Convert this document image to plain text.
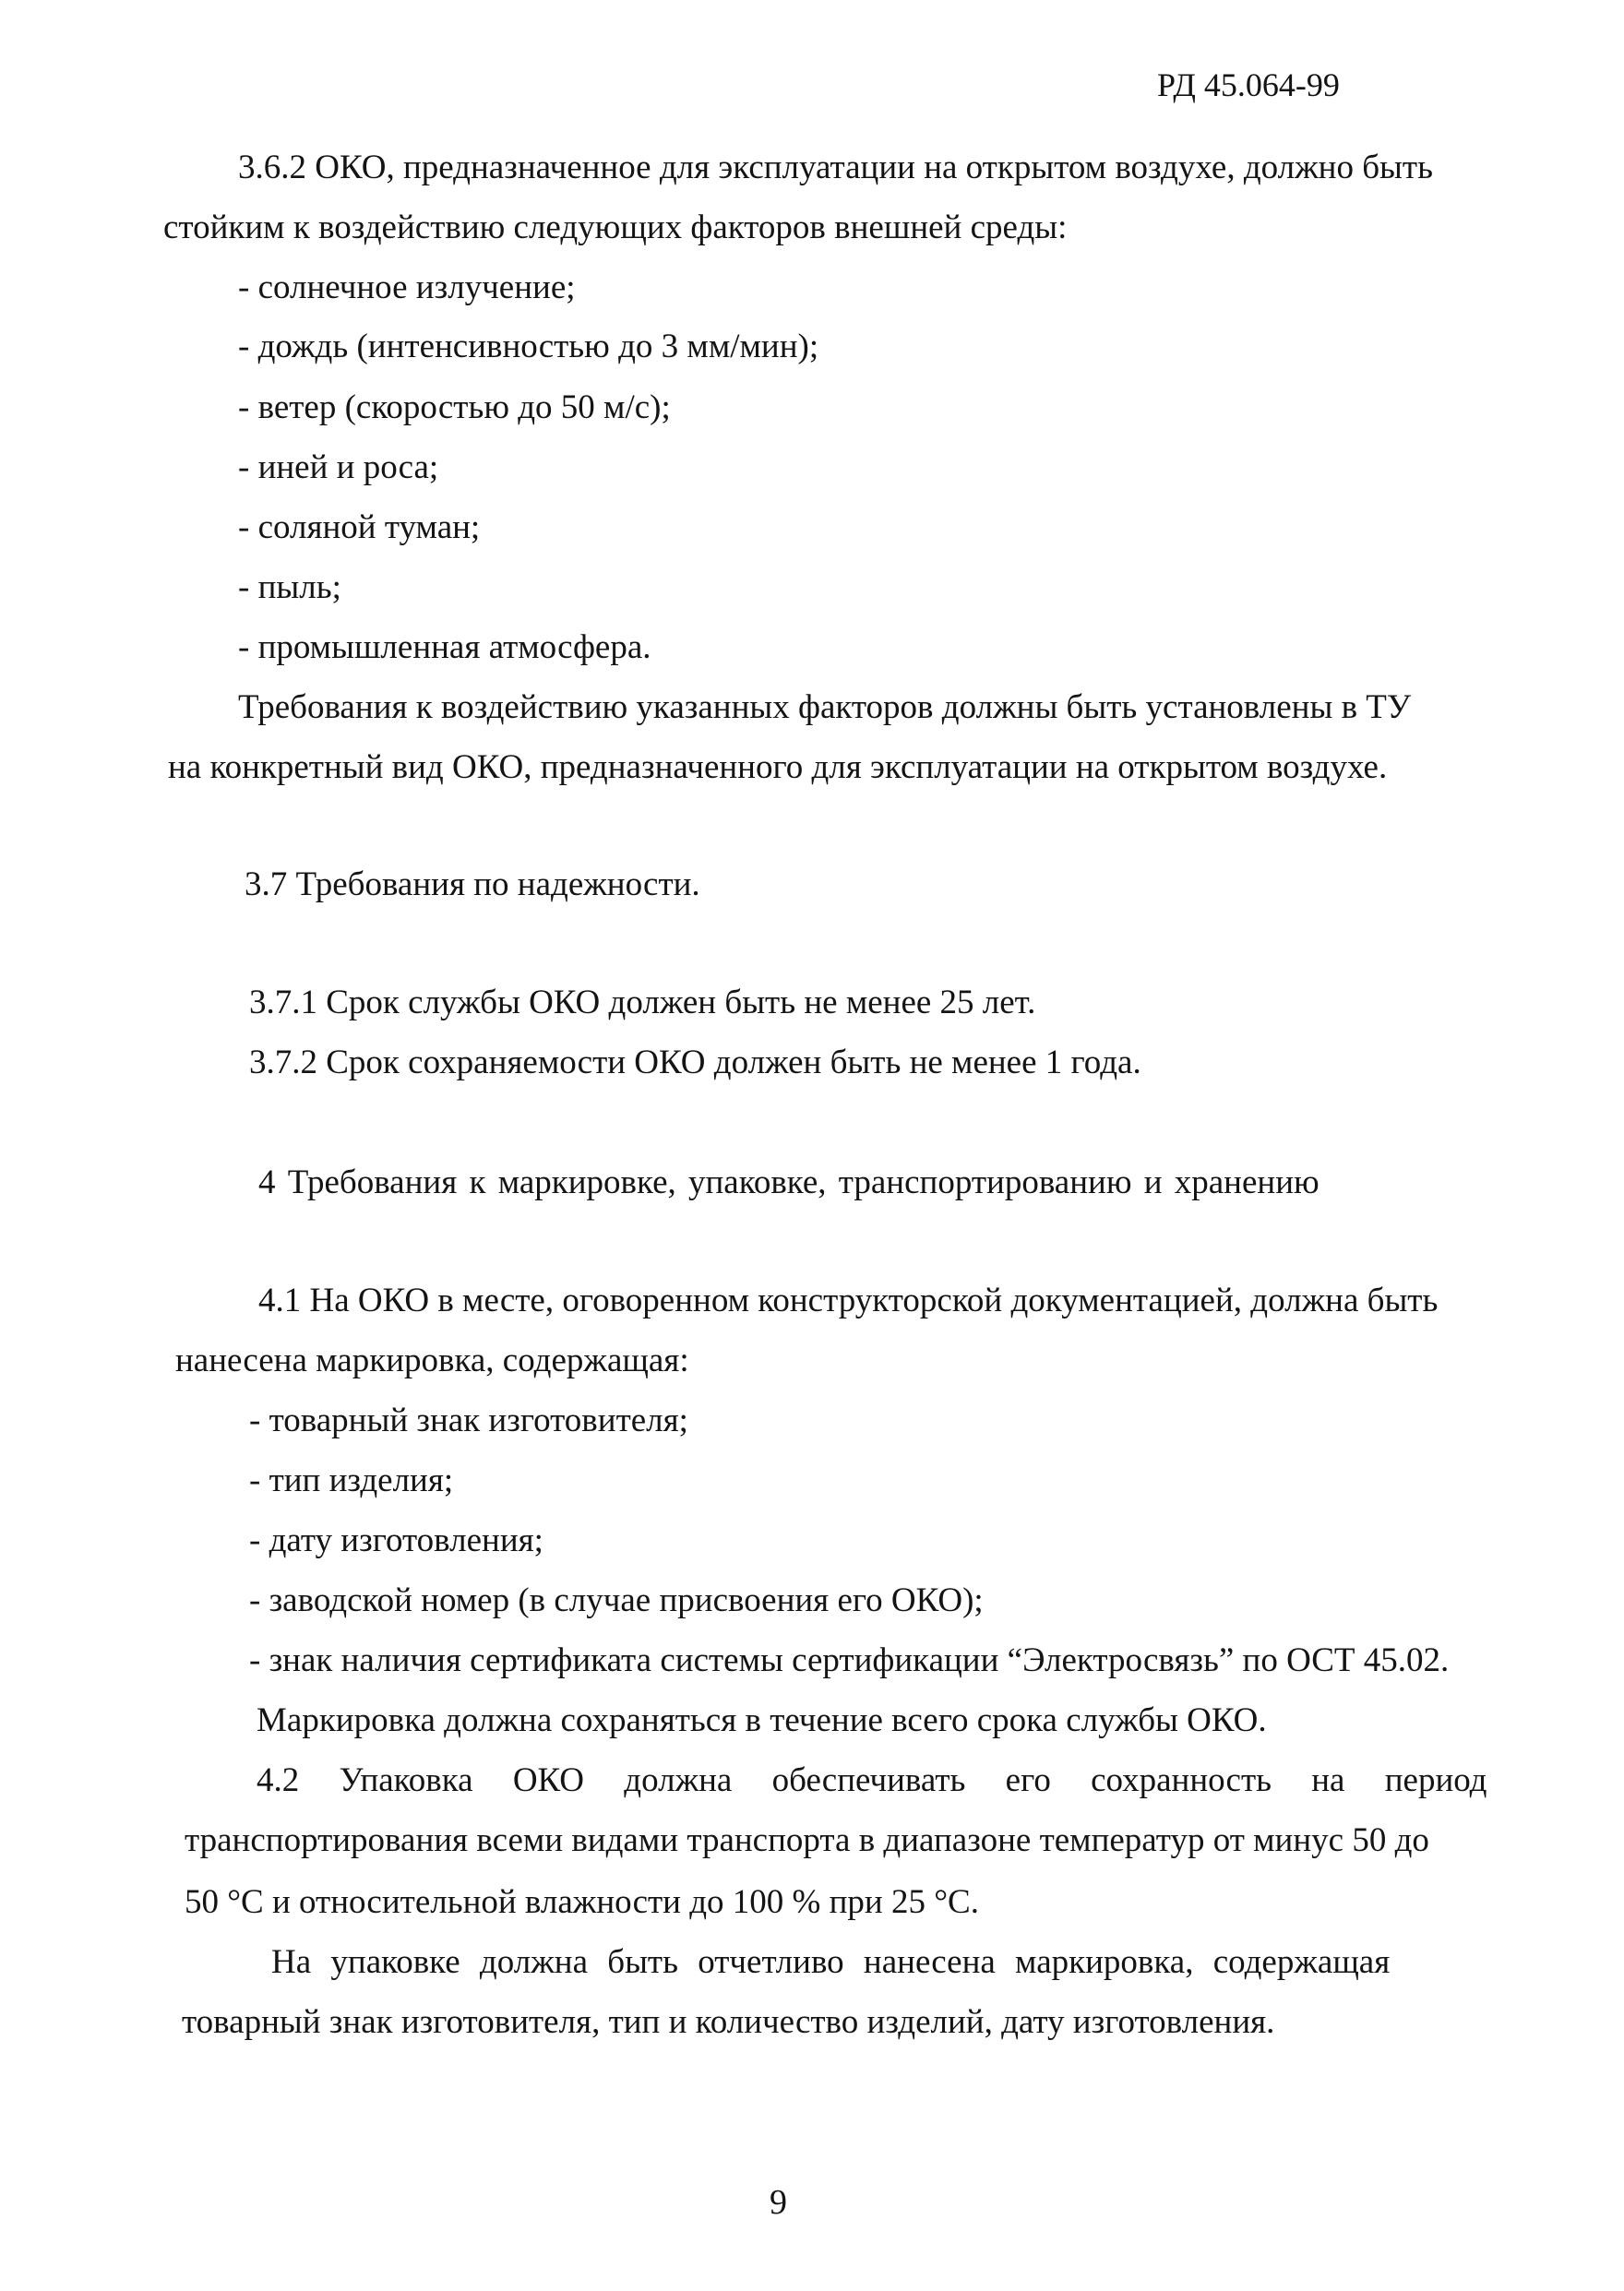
РД 45.064-99
3.6.2 ОКО, предназначенное для эксплуатации на открытом воздухе, должно быть
стойким к воздействию следующих факторов внешней среды:
- солнечное излучение;
- дождь (интенсивностью до 3 мм/мин);
- ветер (скоростью до 50 м/с);
- иней и роса;
- соляной туман;
- пыль;
- промышленная атмосфера.
Требования к воздействию указанных факторов должны быть установлены в ТУ
на конкретный вид ОКО, предназначенного для эксплуатации на открытом воздухе.
3.7 Требования по надежности.
3.7.1 Срок службы ОКО должен быть не менее 25 лет.
3.7.2 Срок сохраняемости ОКО должен быть не менее 1 года.
4 Требования к маркировке, упаковке, транспортированию и хранению
4.1 На ОКО в месте, оговоренном конструкторской документацией, должна быть
нанесена маркировка, содержащая:
- товарный знак изготовителя;
- тип изделия;
- дату изготовления;
- заводской номер (в случае присвоения его ОКО);
- знак наличия сертификата системы сертификации “Электросвязь” по ОСТ 45.02.
Маркировка должна сохраняться в течение всего срока службы ОКО.
4.2 Упаковка ОКО должна обеспечивать его сохранность на период
транспортирования всеми видами транспорта в диапазоне температур от минус 50 до
50 °С и относительной влажности до 100 % при 25 °С.
На упаковке должна быть отчетливо нанесена маркировка, содержащая
товарный знак изготовителя, тип и количество изделий, дату изготовления.
9
